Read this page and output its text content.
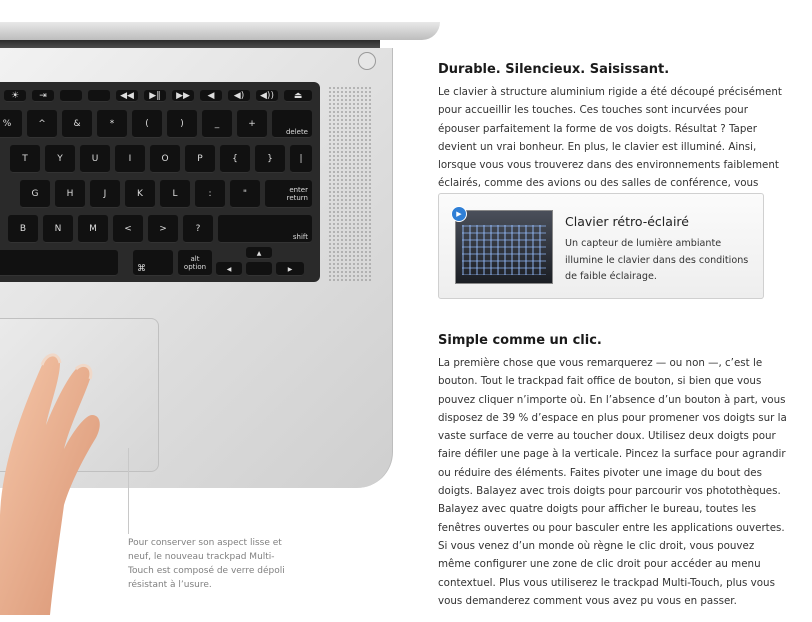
☀	⇥	◀◀	▶‖	▶▶	◀	◀)	◀))	⏏
%	^	&	*	(	)	_	+
delete
T	Y	U	I	O	P	{	}	|
G	H	J	K	L	:	"	enter
return
B	N	M	<	>	?
shift
⌘
alt
option	◀
▲
▶
Pour conserver son aspect lisse et neuf, le nouveau trackpad Multi-Touch est composé de verre dépoli résistant à l’usure.
Durable. Silencieux. Saisissant.
Le clavier à structure aluminium rigide a été découpé précisément pour accueillir les touches. Ces touches sont incurvées pour épouser parfaitement la forme de vos doigts. Résultat ? Taper devient un vrai bonheur. En plus, le clavier est illuminé. Ainsi, lorsque vous vous trouverez dans des environnements faiblement éclairés, comme des avions ou des salles de conférence, vous
▶	Clavier rétro-éclairé
Un capteur de lumière ambiante illumine le clavier dans des conditions de faible éclairage.
Simple comme un clic.
La première chose que vous remarquerez — ou non —, c’est le bouton. Tout le trackpad fait office de bouton, si bien que vous pouvez cliquer n’importe où. En l’absence d’un bouton à part, vous disposez de 39 % d’espace en plus pour promener vos doigts sur la vaste surface de verre au toucher doux. Utilisez deux doigts pour faire défiler une page à la verticale. Pincez la surface pour agrandir ou réduire des éléments. Faites pivoter une image du bout des doigts. Balayez avec trois doigts pour parcourir vos photothèques. Balayez avec quatre doigts pour afficher le bureau, toutes les fenêtres ouvertes ou pour basculer entre les applications ouvertes. Si vous venez d’un monde où règne le clic droit, vous pouvez même configurer une zone de clic droit pour accéder au menu contextuel. Plus vous utiliserez le trackpad Multi-Touch, plus vous vous demanderez comment vous avez pu vous en passer.
